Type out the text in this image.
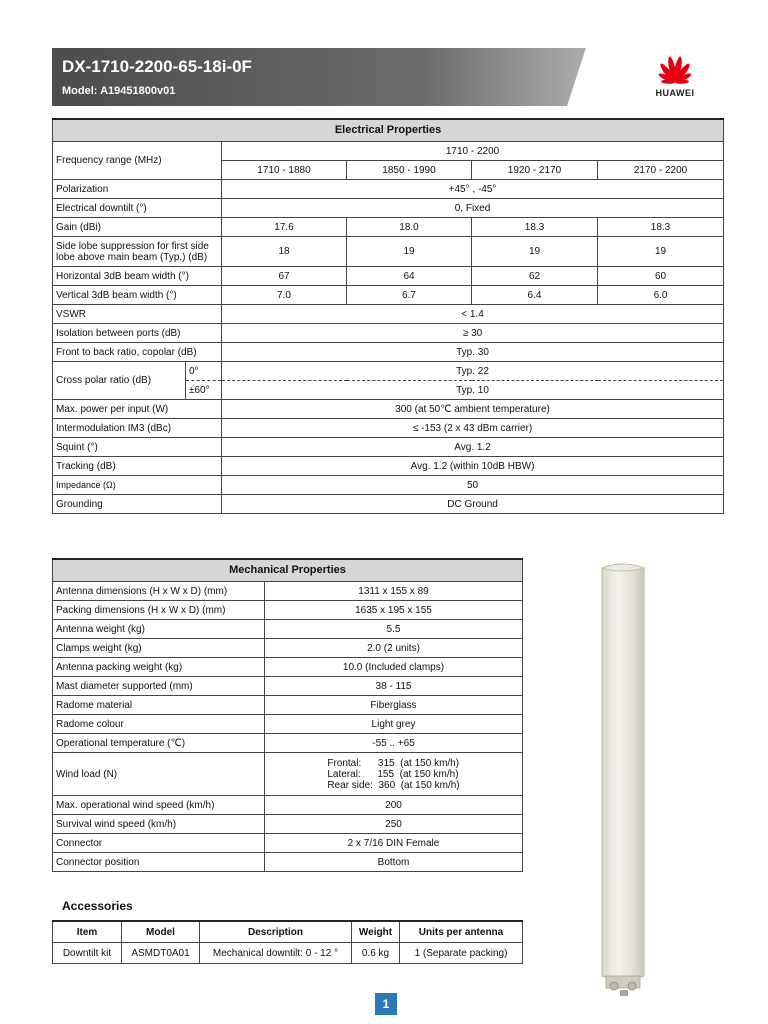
DX-1710-2200-65-18i-0F
Model: A19451800v01	HUAWEI
Electrical Properties					
Frequency range (MHz)		1710 - 2200			
		1710 - 1880	1850 - 1990	1920 - 2170	2170 - 2200
Polarization		+45° , -45°			
Electrical downtilt (°)		0, Fixed			
Gain (dBi)		17.6	18.0	18.3	18.3
Side lobe suppression for first side lobe above main beam (Typ.) (dB)		18	19	19	19
Horizontal 3dB beam width (°)		67	64	62	60
Vertical 3dB beam width (°)		7.0	6.7	6.4	6.0
VSWR		< 1.4			
Isolation between ports (dB)		≥ 30			
Front to back ratio, copolar (dB)		Typ. 30			
Cross polar ratio (dB)	0°	Typ. 22			
	±60°	Typ. 10			
Max. power per input (W)		300 (at 50℃ ambient temperature)			
Intermodulation IM3 (dBc)		≤ -153 (2 x 43 dBm carrier)			
Squint (°)		Avg. 1.2			
Tracking (dB)		Avg. 1.2 (within 10dB HBW)			
Impedance (Ω)		50			
Grounding		DC Ground			
Mechanical Properties	
Antenna dimensions (H x W x D) (mm)	1311 x 155 x 89
Packing dimensions (H x W x D) (mm)	1635 x 195 x 155
Antenna weight (kg)	5.5
Clamps weight (kg)	2.0 (2 units)
Antenna packing weight (kg)	10.0 (Included clamps)
Mast diameter supported (mm)	38 - 115
Radome material	Fiberglass
Radome colour	Light grey
Operational temperature (℃)	-55 .. +65
Wind load (N)	Frontal:      315  (at 150 km/h)
Lateral:      155  (at 150 km/h)
Rear side:  360  (at 150 km/h)

Max. operational wind speed (km/h)	200
Survival wind speed (km/h)	250
Connector	2 x 7/16 DIN Female
Connector position	Bottom
Accessories
Item	Model	Description	Weight	Units per antenna
Downtilt kit	ASMDT0A01	Mechanical downtilt: 0 - 12 °	0.6 kg	1 (Separate packing)
1
